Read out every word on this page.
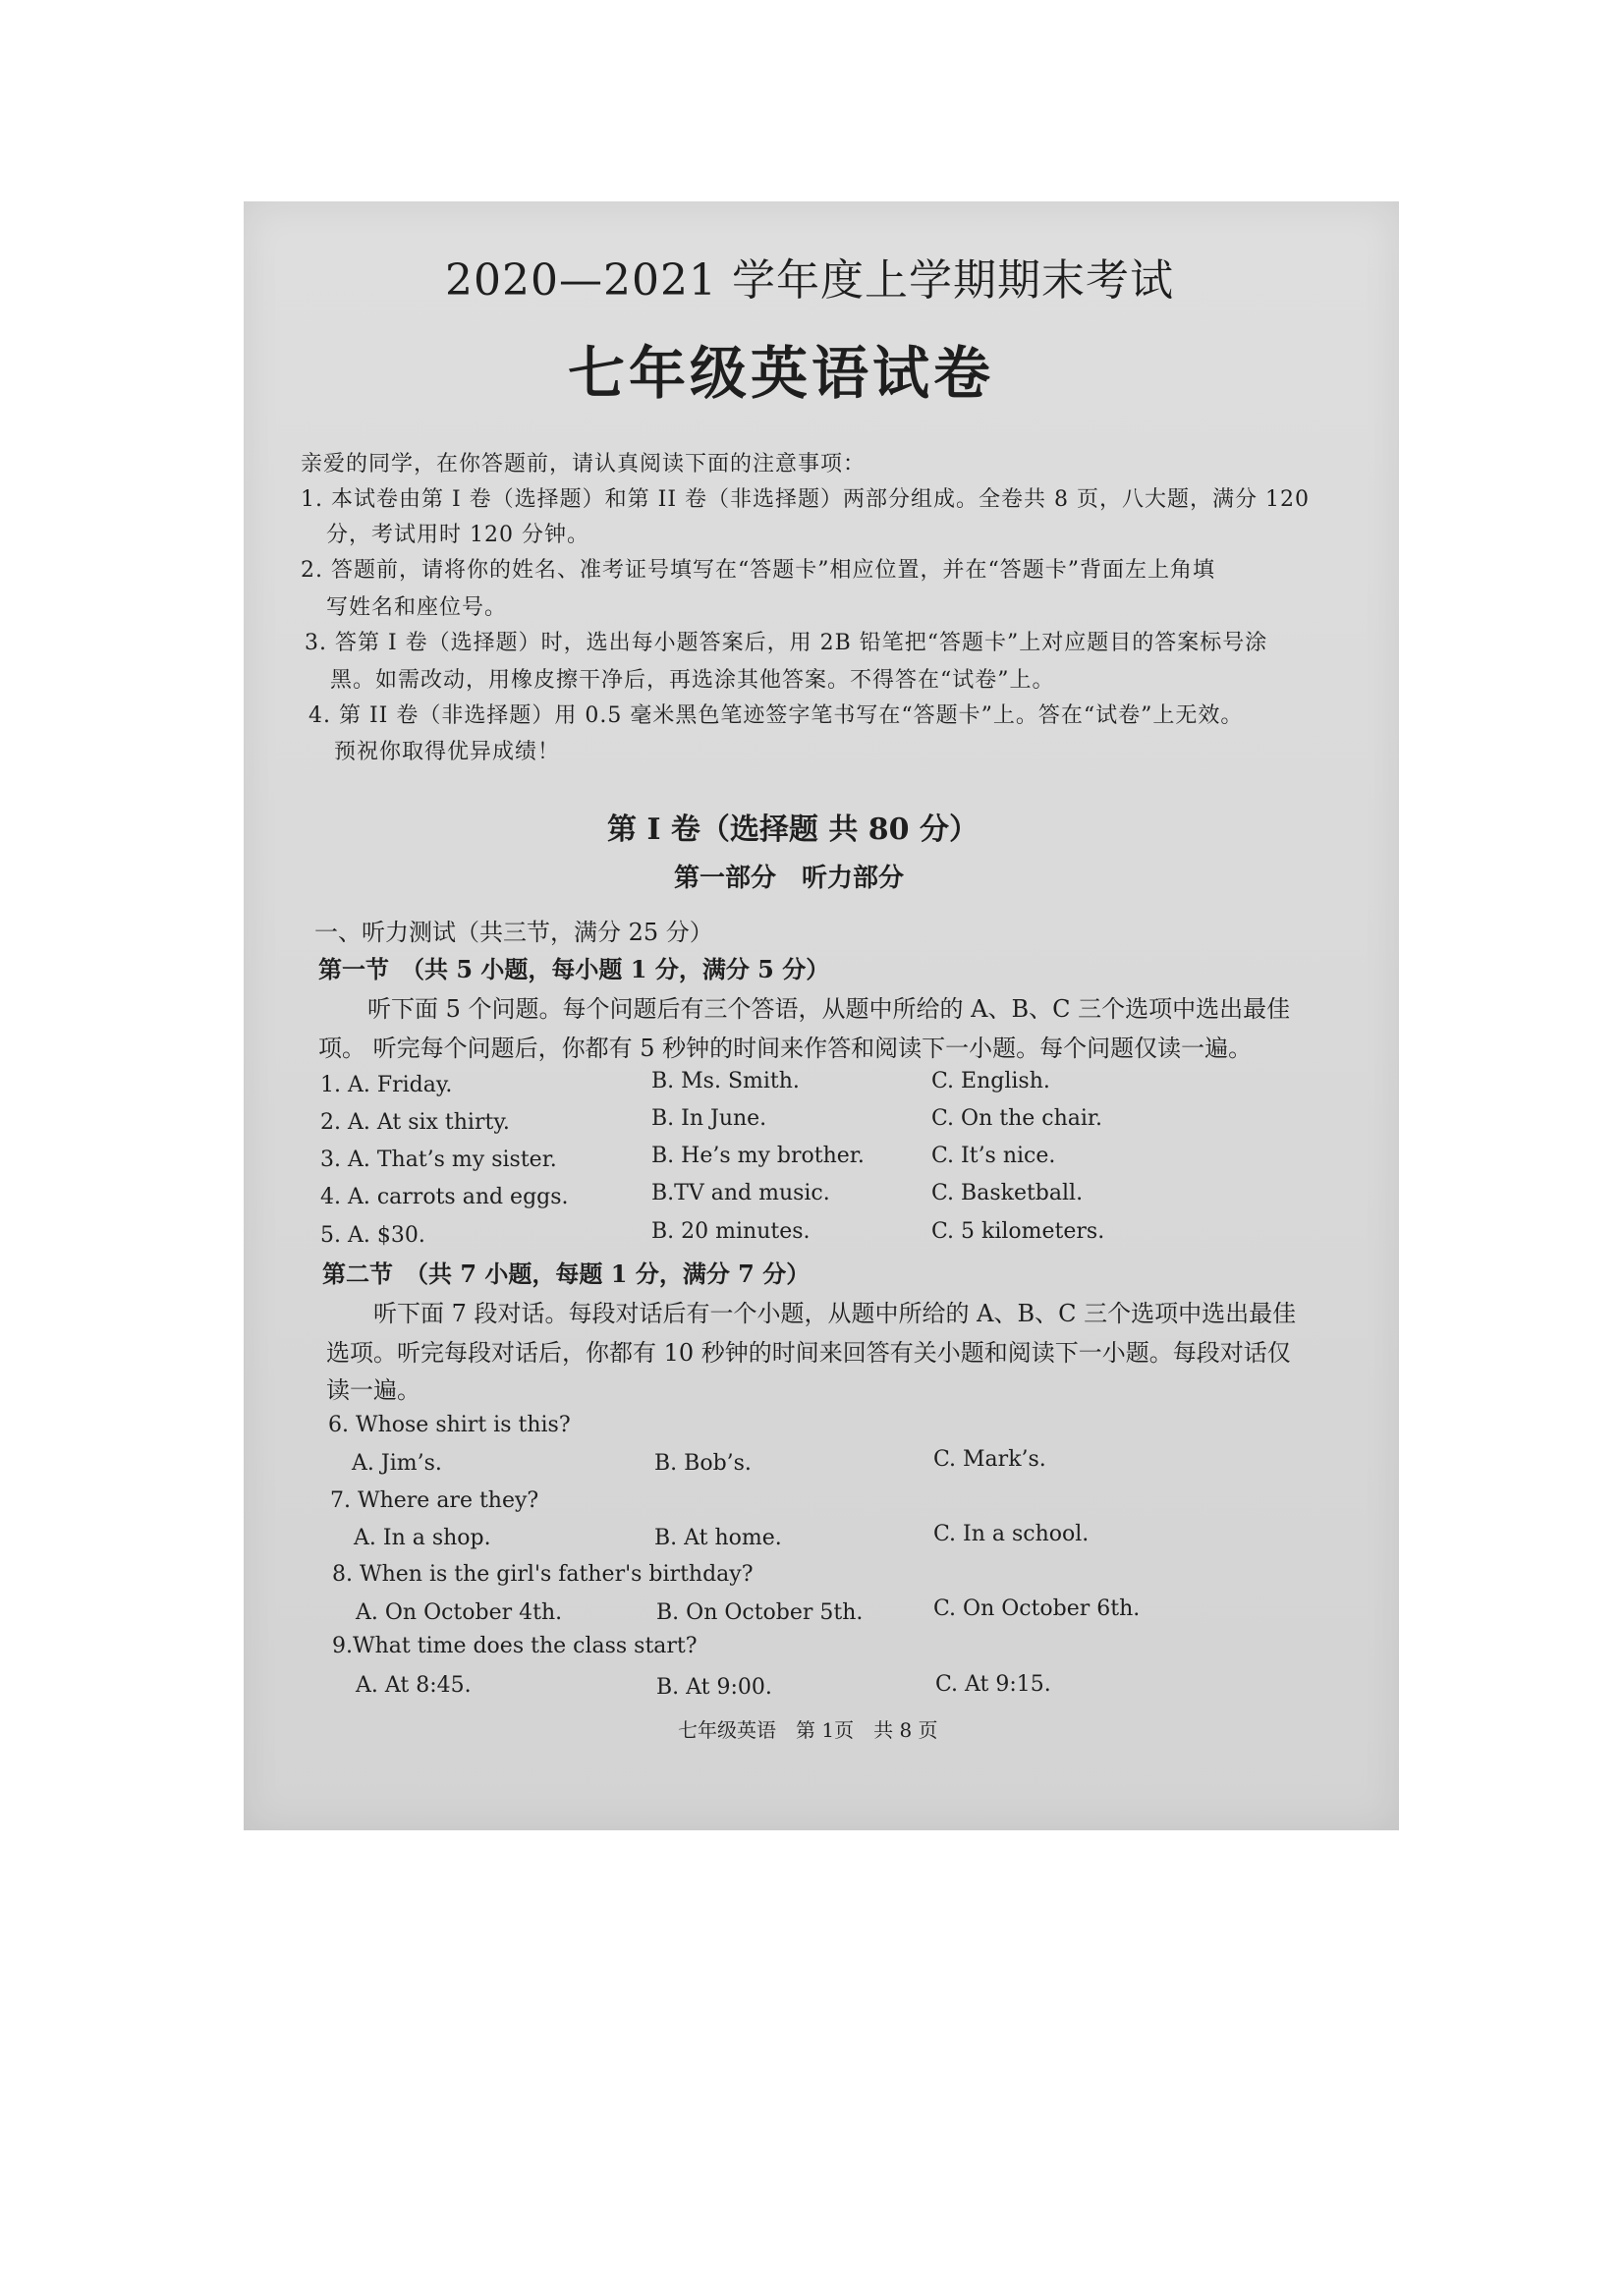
2020—2021 学年度上学期期末考试
七年级英语试卷
亲爱的同学，在你答题前，请认真阅读下面的注意事项：
1. 本试卷由第 I 卷（选择题）和第 II 卷（非选择题）两部分组成。全卷共 8 页，八大题，满分 120
分，考试用时 120 分钟。
2. 答题前，请将你的姓名、准考证号填写在“答题卡”相应位置，并在“答题卡”背面左上角填
写姓名和座位号。
3. 答第 I 卷（选择题）时，选出每小题答案后，用 2B 铅笔把“答题卡”上对应题目的答案标号涂
黑。如需改动，用橡皮擦干净后，再选涂其他答案。不得答在“试卷”上。
4. 第 II 卷（非选择题）用 0.5 毫米黑色笔迹签字笔书写在“答题卡”上。答在“试卷”上无效。
预祝你取得优异成绩！
第 I 卷（选择题 共 80 分）
第一部分　听力部分
一、听力测试（共三节，满分 25 分）
第一节　（共 5 小题，每小题 1 分，满分 5 分）
听下面 5 个问题。每个问题后有三个答语，从题中所给的 A、B、C 三个选项中选出最佳
项。 听完每个问题后，你都有 5 秒钟的时间来作答和阅读下一小题。每个问题仅读一遍。
1. A. Friday.	B. Ms. Smith.	C. English.
2. A. At six thirty.	B. In June.	C. On the chair.
3. A. That’s my sister.	B. He’s my brother.	C. It’s nice.
4. A. carrots and eggs.	B.TV and music.	C. Basketball.
5. A. $30.	B. 20 minutes.	C. 5 kilometers.
第二节　（共 7 小题，每题 1 分，满分 7 分）
听下面 7 段对话。每段对话后有一个小题，从题中所给的 A、B、C 三个选项中选出最佳
选项。听完每段对话后，你都有 10 秒钟的时间来回答有关小题和阅读下一小题。每段对话仅
读一遍。
6. Whose shirt is this?
A. Jim’s.	B. Bob’s.	C. Mark’s.
7. Where are they?
A. In a shop.	B. At home.	C. In a school.
8. When is the girl's father's birthday?
A. On October 4th.	B. On October 5th.	C. On October 6th.
9.What time does the class start?
A. At 8:45.	B. At 9:00.	C. At 9:15.
七年级英语　第 1页　共 8 页
